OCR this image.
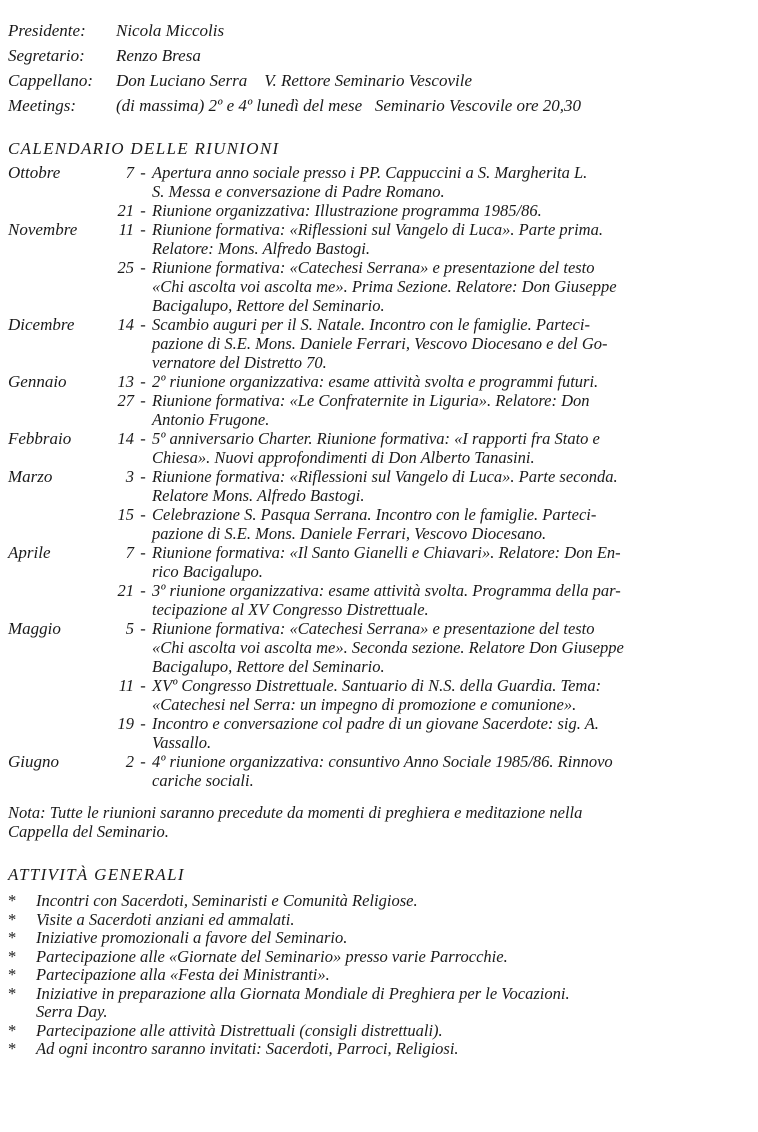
Presidente:	Nicola Miccolis
Segretario:	Renzo Bresa
Cappellano:	Don Luciano Serra    V. Rettore Seminario Vescovile
Meetings:	(di massima) 2º e 4º lunedì del mese   Seminario Vescovile ore 20,30
CALENDARIO DELLE RIUNIONI
Ottobre	7 - Apertura anno sociale presso i PP. Cappuccini a S. Margherita L.
S. Messa e conversazione di Padre Romano.
21 - Riunione organizzativa: Illustrazione programma 1985/86.
Novembre	11 - Riunione formativa: «Riflessioni sul Vangelo di Luca». Parte prima.
Relatore: Mons. Alfredo Bastogi.
25 - Riunione formativa: «Catechesi Serrana» e presentazione del testo
«Chi ascolta voi ascolta me». Prima Sezione. Relatore: Don Giuseppe
Bacigalupo, Rettore del Seminario.
Dicembre	14 - Scambio auguri per il S. Natale. Incontro con le famiglie. Parteci-
pazione di S.E. Mons. Daniele Ferrari, Vescovo Diocesano e del Go-
vernatore del Distretto 70.
Gennaio	13 - 2º riunione organizzativa: esame attività svolta e programmi futuri.
27 - Riunione formativa: «Le Confraternite in Liguria». Relatore: Don
Antonio Frugone.
Febbraio	14 - 5º anniversario Charter. Riunione formativa: «I rapporti fra Stato e
Chiesa». Nuovi approfondimenti di Don Alberto Tanasini.
Marzo	3 - Riunione formativa: «Riflessioni sul Vangelo di Luca». Parte seconda.
Relatore Mons. Alfredo Bastogi.
15 - Celebrazione S. Pasqua Serrana. Incontro con le famiglie. Parteci-
pazione di S.E. Mons. Daniele Ferrari, Vescovo Diocesano.
Aprile	7 - Riunione formativa: «Il Santo Gianelli e Chiavari». Relatore: Don En-
rico Bacigalupo.
21 - 3º riunione organizzativa: esame attività svolta. Programma della par-
tecipazione al XV Congresso Distrettuale.
Maggio	5 - Riunione formativa: «Catechesi Serrana» e presentazione del testo
«Chi ascolta voi ascolta me». Seconda sezione. Relatore Don Giuseppe
Bacigalupo, Rettore del Seminario.
11 - XVº Congresso Distrettuale. Santuario di N.S. della Guardia. Tema:
«Catechesi nel Serra: un impegno di promozione e comunione».
19 - Incontro e conversazione col padre di un giovane Sacerdote: sig. A.
Vassallo.
Giugno	2 - 4º riunione organizzativa: consuntivo Anno Sociale 1985/86. Rinnovo
cariche sociali.
Nota: Tutte le riunioni saranno precedute da momenti di preghiera e meditazione nella
Cappella del Seminario.
ATTIVITÀ GENERALI
*	Incontri con Sacerdoti, Seminaristi e Comunità Religiose.
*	Visite a Sacerdoti anziani ed ammalati.
*	Iniziative promozionali a favore del Seminario.
*	Partecipazione alle «Giornate del Seminario» presso varie Parrocchie.
*	Partecipazione alla «Festa dei Ministranti».
*	Iniziative in preparazione alla Giornata Mondiale di Preghiera per le Vocazioni.
Serra Day.
*	Partecipazione alle attività Distrettuali (consigli distrettuali).
*	Ad ogni incontro saranno invitati: Sacerdoti, Parroci, Religiosi.
